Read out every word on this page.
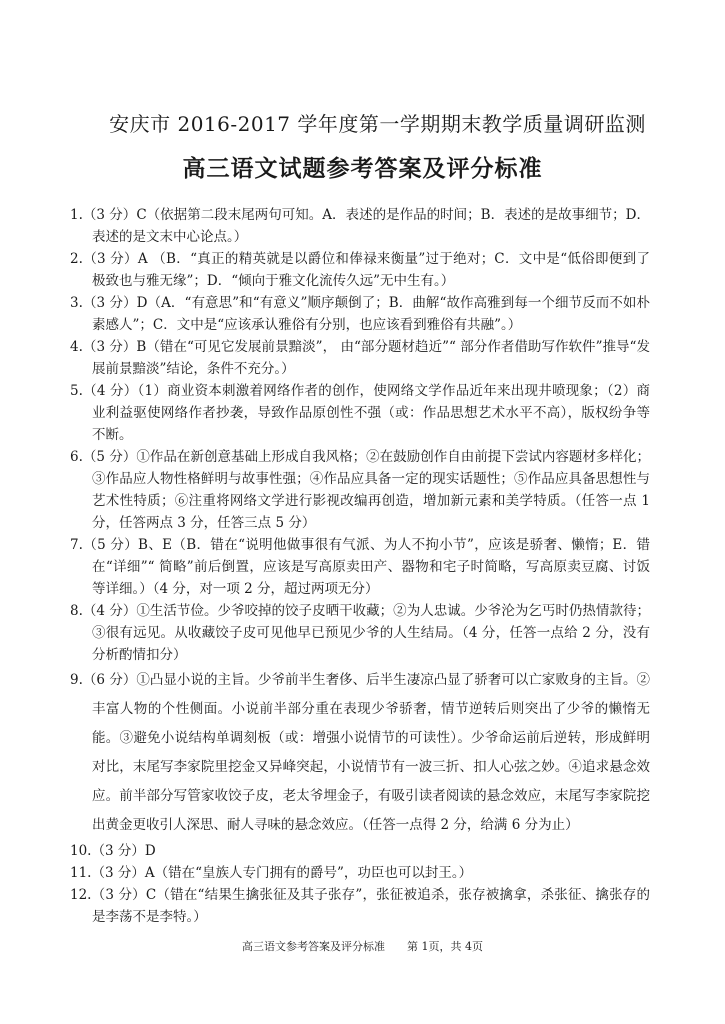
安庆市 2016-2017 学年度第一学期期末教学质量调研监测
高三语文试题参考答案及评分标准

1.（3 分）C（依据第二段末尾两句可知。A．表述的是作品的时间；B．表述的是故事细节；D．表述的是文末中心论点。）

2.（3 分）A （B．“真正的精英就是以爵位和俸禄来衡量”过于绝对；C．文中是“低俗即便到了极致也与雅无缘”；D．“倾向于雅文化流传久远”无中生有。）

3.（3 分）D（A．“有意思”和“有意义”顺序颠倒了；B．曲解“故作高雅到每一个细节反而不如朴素感人”；C．文中是“应该承认雅俗有分别，也应该看到雅俗有共融”。）

4.（3 分）B（错在“可见它发展前景黯淡”， 由“部分题材趋近”“ 部分作者借助写作软件”推导“发展前景黯淡”结论，条件不充分。）

5.（4 分）（1）商业资本刺激着网络作者的创作，使网络文学作品近年来出现井喷现象；（2）商业利益驱使网络作者抄袭，导致作品原创性不强（或：作品思想艺术水平不高），版权纷争等不断。

6.（5 分）①作品在新创意基础上形成自我风格；②在鼓励创作自由前提下尝试内容题材多样化；③作品应人物性格鲜明与故事性强；④作品应具备一定的现实话题性；⑤作品应具备思想性与艺术性特质；⑥注重将网络文学进行影视改编再创造，增加新元素和美学特质。（任答一点 1 分，任答两点 3 分，任答三点 5 分）

7.（5 分）B、E（B．错在“说明他做事很有气派、为人不拘小节”，应该是骄奢、懒惰；E．错在“详细”“ 简略”前后倒置，应该是写高原卖田产、器物和宅子时简略，写高原卖豆腐、讨饭等详细。）（4 分，对一项 2 分，超过两项无分）

8.（4 分）①生活节俭。少爷咬掉的饺子皮晒干收藏；②为人忠诚。少爷沦为乞丐时仍热情款待；③很有远见。从收藏饺子皮可见他早已预见少爷的人生结局。（4 分，任答一点给 2 分，没有分析酌情扣分）

9.（6 分）①凸显小说的主旨。少爷前半生奢侈、后半生凄凉凸显了骄奢可以亡家败身的主旨。②丰富人物的个性侧面。小说前半部分重在表现少爷骄奢，情节逆转后则突出了少爷的懒惰无能。③避免小说结构单调刻板（或：增强小说情节的可读性）。少爷命运前后逆转，形成鲜明对比，末尾写李家院里挖金又异峰突起，小说情节有一波三折、扣人心弦之妙。④追求悬念效应。前半部分写管家收饺子皮，老太爷埋金子，有吸引读者阅读的悬念效应，末尾写李家院挖出黄金更收引人深思、耐人寻味的悬念效应。（任答一点得 2 分，给满 6 分为止）

10.（3 分）D

11.（3 分）A（错在“皇族人专门拥有的爵号”，功臣也可以封王。）

12.（3 分）C（错在“结果生擒张征及其子张存”，张征被追杀，张存被擒拿，杀张征、擒张存的是李荡不是李特。）

高三语文参考答案及评分标准 第 1页，共 4页
